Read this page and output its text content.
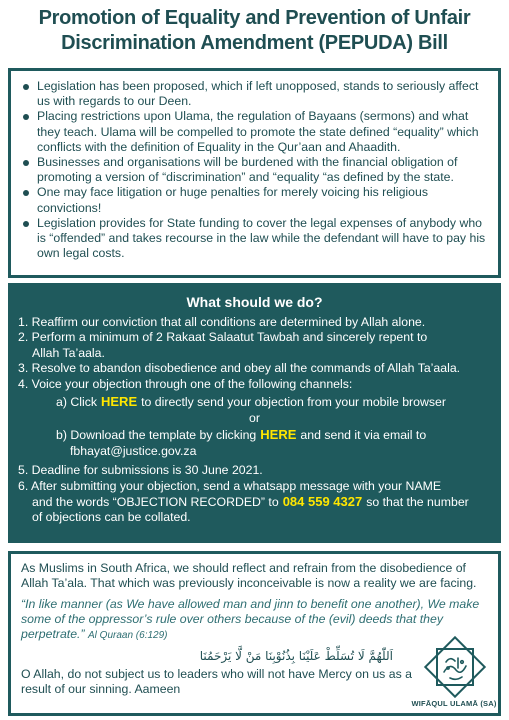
Promotion of Equality and Prevention of Unfair
Discrimination Amendment (PEPUDA) Bill
Legislation has been proposed, which if left unopposed, stands to seriously affect us with regards to our Deen.
Placing restrictions upon Ulama, the regulation of Bayaans (sermons) and what they teach. Ulama will be compelled to promote the state defined “equality” which conflicts with the definition of Equality in the Qur’aan and Ahaadith.
Businesses and organisations will be burdened with the financial obligation of promoting a version of “discrimination” and “equality “as defined by the state.
One may face litigation or huge penalties for merely voicing his religious convictions!
Legislation provides for State funding to cover the legal expenses of anybody who is “offended” and takes recourse in the law while the defendant will have to pay his own legal costs.
What should we do?
1. Reaffirm our conviction that all conditions are determined by Allah alone.
2. Perform a minimum of 2 Rakaat Salaatut Tawbah and sincerely repent to
Allah Ta’aala.
3. Resolve to abandon disobedience and obey all the commands of Allah Ta’aala.
4. Voice your objection through one of the following channels:
a) Click HERE to directly send your objection from your mobile browser
or
b) Download the template by clicking HERE and send it via email to
fbhayat@justice.gov.za
5. Deadline for submissions is 30 June 2021.
6. After submitting your objection, send a whatsapp message with your NAME
and the words “OBJECTION RECORDED” to 084 559 4327 so that the number
of objections can be collated.
As Muslims in South Africa, we should reflect and refrain from the disobedience of Allah Ta’ala. That which was previously inconceivable is now a reality we are facing.
“In like manner (as We have allowed man and jinn to benefit one another), We make some of the oppressor’s rule over others because of the (evil) deeds that they perpetrate.” Al Quraan (6:129)
اَللّٰهُمَّ لَا تُسَلِّطْ عَلَيْنَا بِذُنُوْبِنَا مَنْ لَّا يَرْحَمُنَا
O Allah, do not subject us to leaders who will not have Mercy on us as a result of our sinning. Aameen
WIFĀQUL ULAMĀ (SA)
